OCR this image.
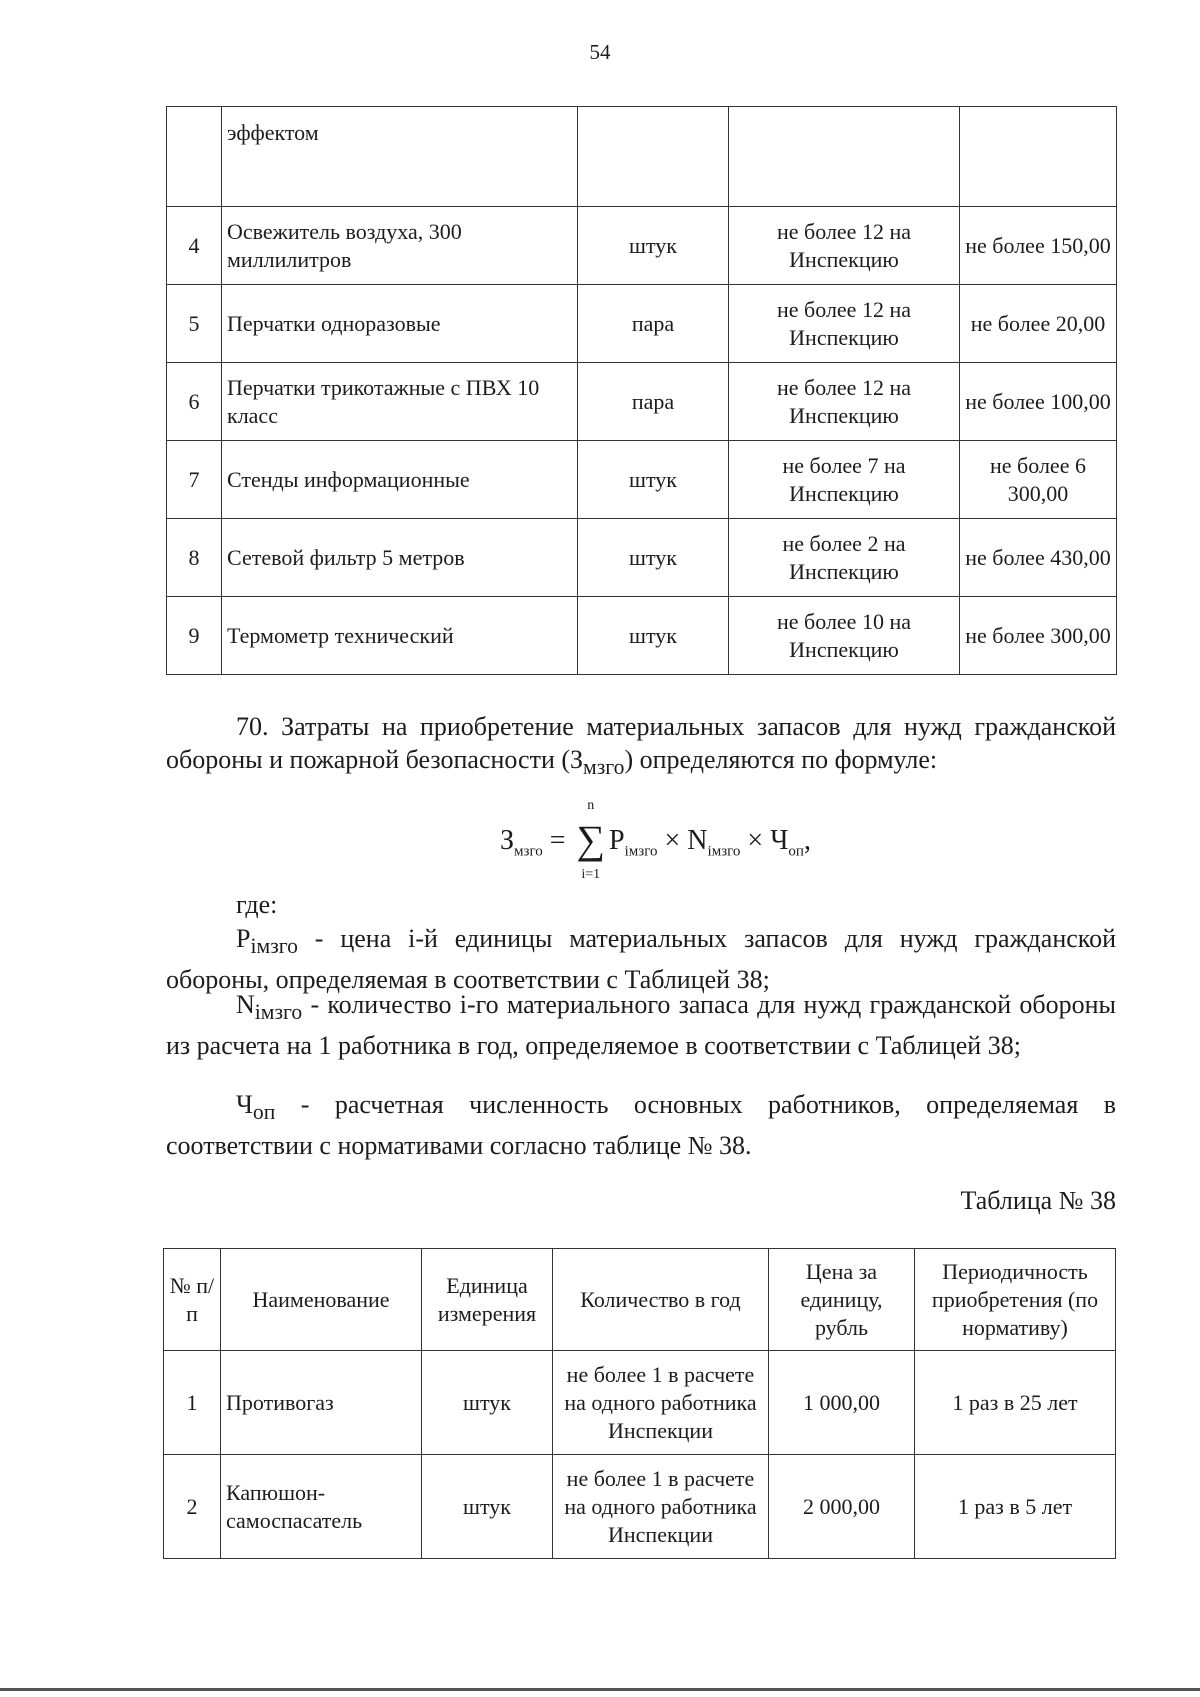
54
	эффектом			
4	Освежитель воздуха, 300 миллилитров	штук	не более 12 на Инспекцию	не более 150,00
5	Перчатки одноразовые	пара	не более 12 на Инспекцию	не более 20,00
6	Перчатки трикотажные с ПВХ 10 класс	пара	не более 12 на Инспекцию	не более 100,00
7	Стенды информационные	штук	не более 7 на Инспекцию	не более 6 300,00
8	Сетевой фильтр 5 метров	штук	не более 2 на Инспекцию	не более 430,00
9	Термометр технический	штук	не более 10 на Инспекцию	не более 300,00
70. Затраты на приобретение материальных запасов для нужд гражданской обороны и пожарной безопасности $(З_{мзго})$ определяются по формуле:
$З_{мзго}$ =
n
∑
i=1
$P_{iмзго} \times N_{iмзго} \times Ч_{оп}$,
где:
$P_{iмзго}$ - цена i-й единицы материальных запасов для нужд гражданской обороны, определяемая в соответствии с Таблицей 38;
$N_{iмзго}$ - количество i-го материального запаса для нужд гражданской обороны из расчета на 1 работника в год, определяемое в соответствии с Таблицей 38;
$Ч_{оп}$ - расчетная численность основных работников, определяемая в соответствии с нормативами согласно таблице № 38.
Таблица № 38
№ п/п	Наименование	Единица измерения	Количество в год	Цена за единицу, рубль	Периодичность приобретения (по нормативу)
1	Противогаз	штук	не более 1 в расчете на одного работника Инспекции	1 000,00	1 раз в 25 лет
2	Капюшон-самоспасатель	штук	не более 1 в расчете на одного работника Инспекции	2 000,00	1 раз в 5 лет
